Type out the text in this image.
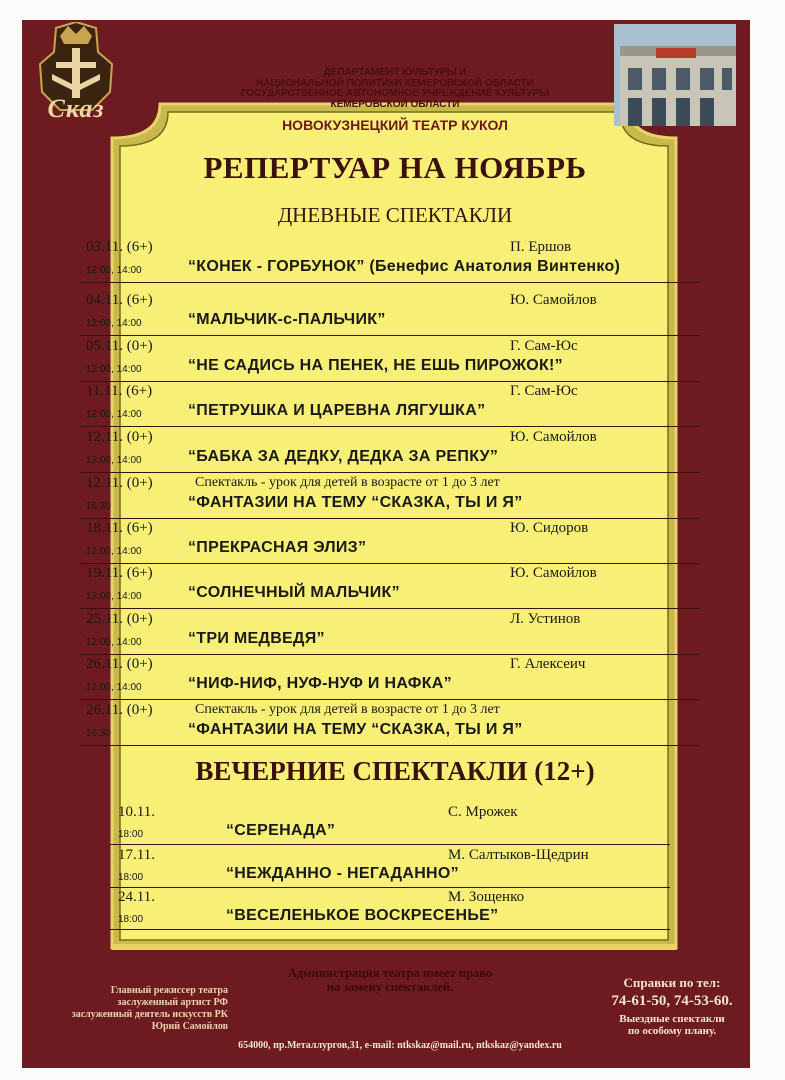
Сказ
ДЕПАРТАМЕНТ КУЛЬТУРЫ И
НАЦИОНАЛЬНОЙ ПОЛИТИКИ КЕМЕРОВСКОЙ ОБЛАСТИ
ГОСУДАРСТВЕННОЕ АВТОНОМНОЕ УЧРЕЖДЕНИЕ КУЛЬТУРЫ
КЕМЕРОВСКОЙ ОБЛАСТИ
НОВОКУЗНЕЦКИЙ ТЕАТР КУКОЛ
РЕПЕРТУАР НА НОЯБРЬ
ДНЕВНЫЕ СПЕКТАКЛИ
03.11. (6+)	П. Ершов
12:00, 14:00	“КОНЕК - ГОРБУНОК” (Бенефис Анатолия Винтенко)
04.11. (6+)	Ю. Самойлов
12:00, 14:00	“МАЛЬЧИК-с-ПАЛЬЧИК”
05.11. (0+)	Г. Сам-Юс
12:00, 14:00	“НЕ САДИСЬ НА ПЕНЕК, НЕ ЕШЬ ПИРОЖОК!”
11.11. (6+)	Г. Сам-Юс
12:00, 14:00	“ПЕТРУШКА И ЦАРЕВНА ЛЯГУШКА”
12.11. (0+)	Ю. Самойлов
12:00, 14:00	“БАБКА ЗА ДЕДКУ, ДЕДКА ЗА РЕПКУ”
12.11. (0+)	Спектакль - урок для детей в возрасте от 1 до 3 лет
16:30	“ФАНТАЗИИ НА ТЕМУ “СКАЗКА, ТЫ И Я”
18.11. (6+)	Ю. Сидоров
12:00, 14:00	“ПРЕКРАСНАЯ ЭЛИЗ”
19.11. (6+)	Ю. Самойлов
12:00, 14:00	“СОЛНЕЧНЫЙ МАЛЬЧИК”
25.11. (0+)	Л. Устинов
12:00, 14:00	“ТРИ МЕДВЕДЯ”
26.11. (0+)	Г. Алексеич
12:00, 14:00	“НИФ-НИФ, НУФ-НУФ И НАФКА”
26.11. (0+)	Спектакль - урок для детей в возрасте от 1 до 3 лет
16:30	“ФАНТАЗИИ НА ТЕМУ “СКАЗКА, ТЫ И Я”
ВЕЧЕРНИЕ СПЕКТАКЛИ (12+)
10.11.	С. Мрожек
18:00	“СЕРЕНАДА”
17.11.	М. Салтыков-Щедрин
18:00	“НЕЖДАННО - НЕГАДАННО”
24.11.	М. Зощенко
18:00	“ВЕСЕЛЕНЬКОЕ ВОСКРЕСЕНЬЕ”
Администрация театра имеет право
на замену спектаклей.
Главный режиссер театра
заслуженный артист РФ
заслуженный деятель искусств РК
Юрий Самойлов
Справки по тел:
74-61-50, 74-53-60.
Выездные спектакли
по особому плану.
654000, пр.Металлургов,31, e-mail: ntkskaz@mail.ru, ntkskaz@yandex.ru
